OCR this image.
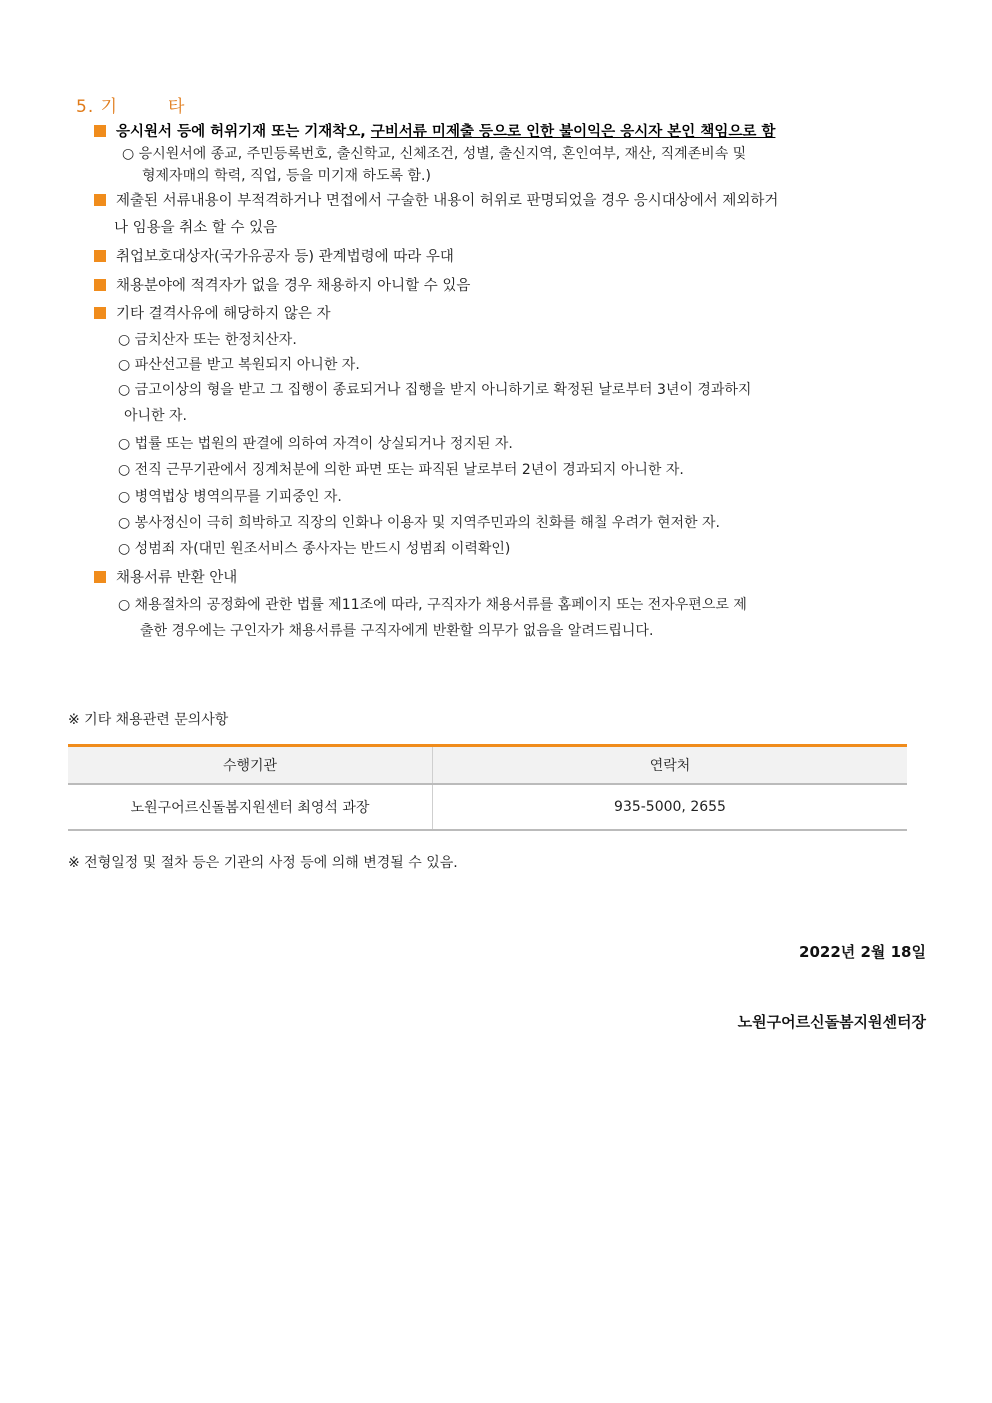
5. 기	타
응시원서 등에 허위기재 또는 기재착오, 구비서류 미제출 등으로 인한 불이익은 응시자 본인 책임으로 함
○ 응시원서에 종교, 주민등록번호, 출신학교, 신체조건, 성별, 출신지역, 혼인여부, 재산, 직계존비속 및
형제자매의 학력, 직업, 등을 미기재 하도록 함.)
제출된 서류내용이 부적격하거나 면접에서 구술한 내용이 허위로 판명되었을 경우 응시대상에서 제외하거
나 임용을 취소 할 수 있음
취업보호대상자(국가유공자 등) 관계법령에 따라 우대
채용분야에 적격자가 없을 경우 채용하지 아니할 수 있음
기타 결격사유에 해당하지 않은 자
○ 금치산자 또는 한정치산자.
○ 파산선고를 받고 복원되지 아니한 자.
○ 금고이상의 형을 받고 그 집행이 종료되거나 집행을 받지 아니하기로 확정된 날로부터 3년이 경과하지
아니한 자.
○ 법률 또는 법원의 판결에 의하여 자격이 상실되거나 정지된 자.
○ 전직 근무기관에서 징계처분에 의한 파면 또는 파직된 날로부터 2년이 경과되지 아니한 자.
○ 병역법상 병역의무를 기피중인 자.
○ 봉사정신이 극히 희박하고 직장의 인화나 이용자 및 지역주민과의 친화를 해칠 우려가 현저한 자.
○ 성범죄 자(대민 원조서비스 종사자는 반드시 성범죄 이력확인)
채용서류 반환 안내
○ 채용절차의 공정화에 관한 법률 제11조에 따라, 구직자가 채용서류를 홈페이지 또는 전자우편으로 제
출한 경우에는 구인자가 채용서류를 구직자에게 반환할 의무가 없음을 알려드립니다.
※ 기타 채용관련 문의사항
수행기관	연락처
노원구어르신돌봄지원센터 최영석 과장	935-5000, 2655
※ 전형일정 및 절차 등은 기관의 사정 등에 의해 변경될 수 있음.
2022년 2월 18일
노원구어르신돌봄지원센터장
